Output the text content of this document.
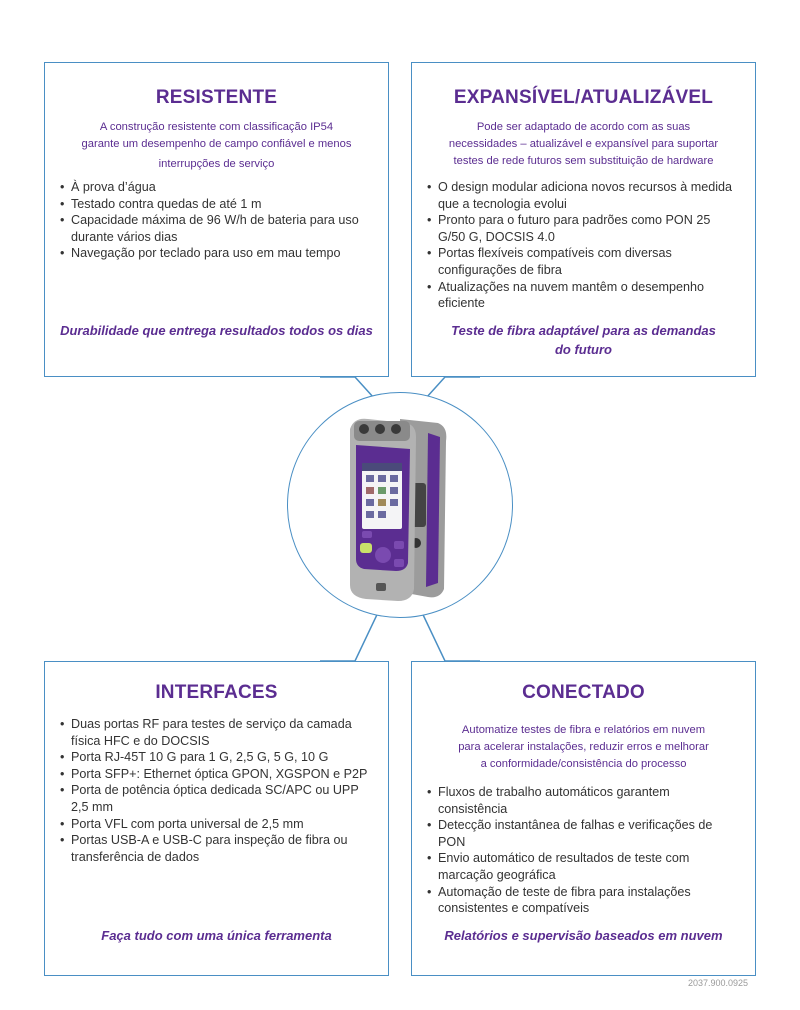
RESISTENTE
A construção resistente com classificação IP54
garante um desempenho de campo confiável e menos
interrupções de serviço
• À prova d’água
• Testado contra quedas de até 1 m
• Capacidade máxima de 96 W/h de bateria para uso durante vários dias
• Navegação por teclado para uso em mau tempo
Durabilidade que entrega resultados todos os dias
EXPANSÍVEL/ATUALIZÁVEL
Pode ser adaptado de acordo com as suas
necessidades – atualizável e expansível para suportar
testes de rede futuros sem substituição de hardware
• O design modular adiciona novos recursos à medida que a tecnologia evolui
• Pronto para o futuro para padrões como PON 25 G/50 G, DOCSIS 4.0
• Portas flexíveis compatíveis com diversas configurações de fibra
• Atualizações na nuvem mantêm o desempenho eficiente
Teste de fibra adaptável para as demandas
do futuro
INTERFACES
• Duas portas RF para testes de serviço da camada física HFC e do DOCSIS
• Porta RJ-45T 10 G para 1 G, 2,5 G, 5 G, 10 G
• Porta SFP+: Ethernet óptica GPON, XGSPON e P2P
• Porta de potência óptica dedicada SC/APC ou UPP 2,5 mm
• Porta VFL com porta universal de 2,5 mm
• Portas USB-A e USB-C para inspeção de fibra ou transferência de dados
Faça tudo com uma única ferramenta
CONECTADO
Automatize testes de fibra e relatórios em nuvem
para acelerar instalações, reduzir erros e melhorar
a conformidade/consistência do processo
• Fluxos de trabalho automáticos garantem consistência
• Detecção instantânea de falhas e verificações de PON
• Envio automático de resultados de teste com marcação geográfica
• Automação de teste de fibra para instalações consistentes e compatíveis
Relatórios e supervisão baseados em nuvem
2037.900.0925
